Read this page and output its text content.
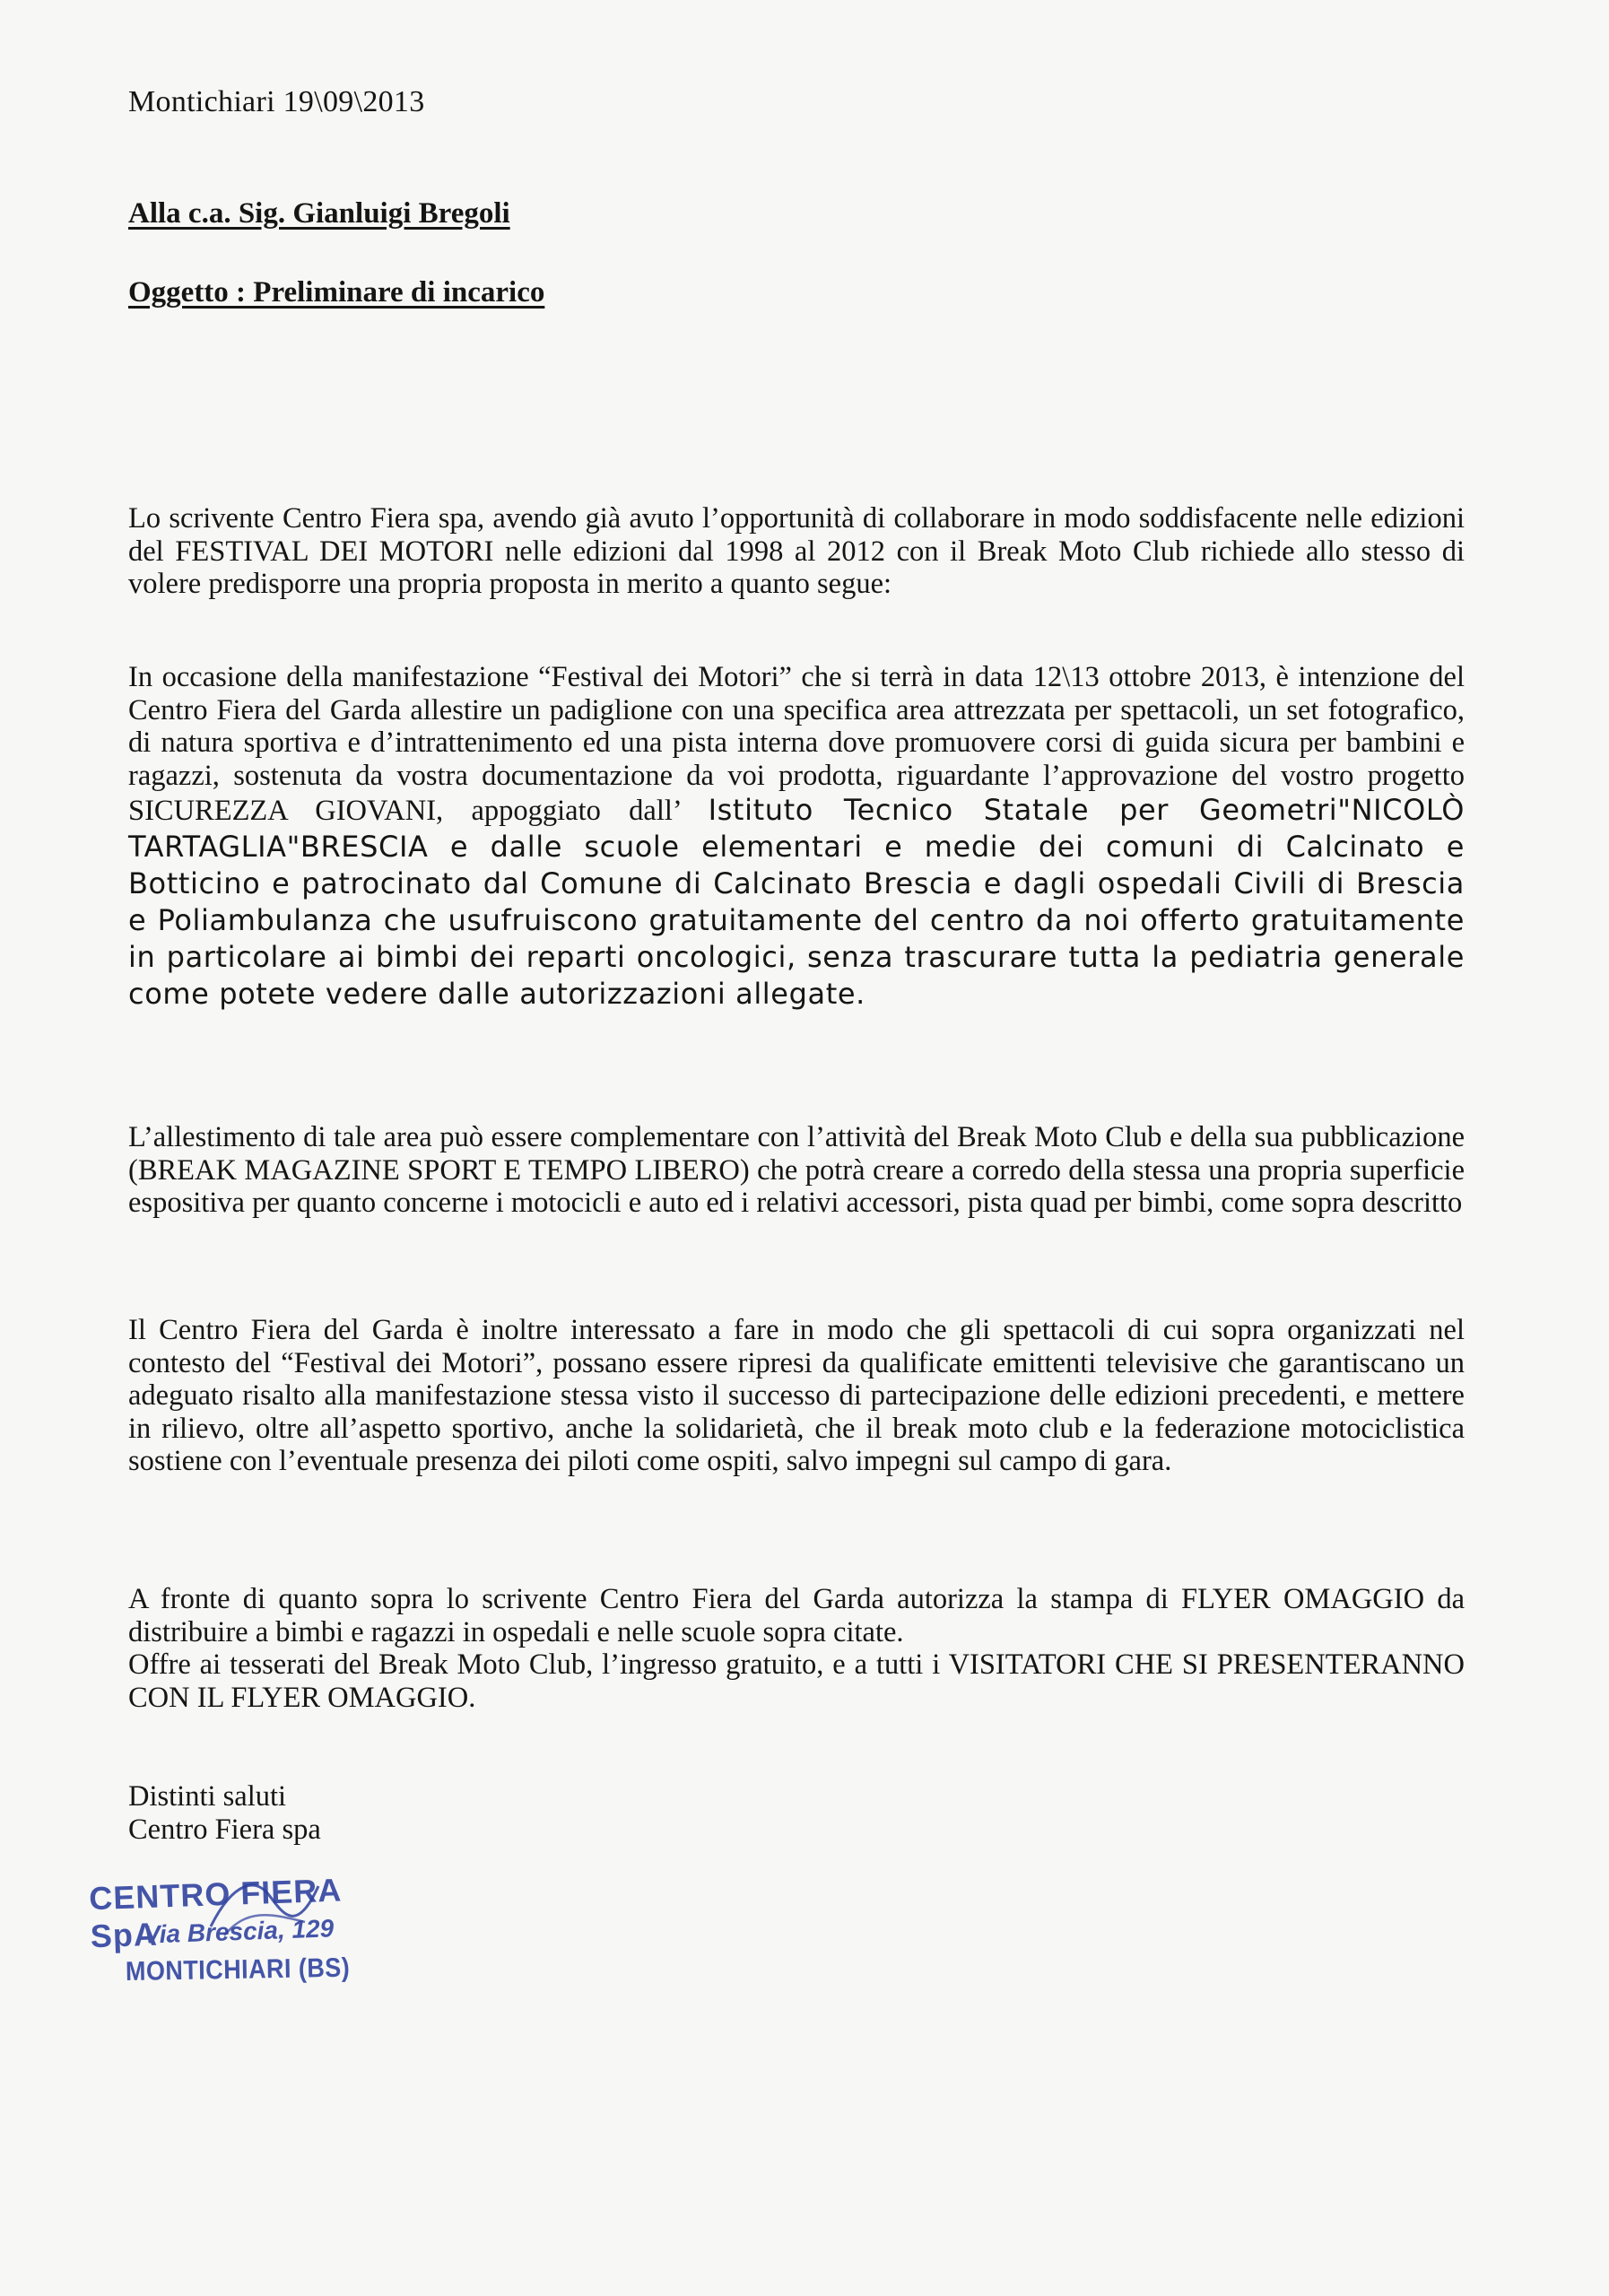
Montichiari 19\09\2013
Alla c.a. Sig. Gianluigi Bregoli
Oggetto : Preliminare di incarico
Lo scrivente Centro Fiera spa, avendo già avuto l’opportunità di collaborare in modo soddisfacente nelle edizioni del FESTIVAL DEI MOTORI nelle edizioni dal 1998 al 2012 con il Break Moto Club richiede allo stesso di volere predisporre una propria proposta in merito a quanto segue:
In occasione della manifestazione “Festival dei Motori” che si terrà in data 12\13 ottobre 2013, è intenzione del Centro Fiera del Garda allestire un padiglione con una specifica area attrezzata per spettacoli, un set fotografico, di natura sportiva e d’intrattenimento ed una pista interna dove promuovere corsi di guida sicura per bambini e ragazzi, sostenuta da vostra documentazione da voi prodotta, riguardante l’approvazione del vostro progetto SICUREZZA GIOVANI, appoggiato dall’ Istituto Tecnico Statale per Geometri"NICOLÒ TARTAGLIA"BRESCIA e dalle scuole elementari e medie dei comuni di Calcinato e Botticino e patrocinato dal Comune di Calcinato Brescia e dagli ospedali Civili di Brescia e Poliambulanza che usufruiscono gratuitamente del centro da noi offerto gratuitamente in particolare ai bimbi dei reparti oncologici, senza trascurare tutta la pediatria generale come potete vedere dalle autorizzazioni allegate.
L’allestimento di tale area può essere complementare con l’attività del Break Moto Club e della sua pubblicazione (BREAK MAGAZINE SPORT E TEMPO LIBERO) che potrà creare a corredo della stessa una propria superficie espositiva per quanto concerne i motocicli e auto ed i relativi accessori, pista quad per bimbi, come sopra descritto
Il Centro Fiera del Garda è inoltre interessato a fare in modo che gli spettacoli di cui sopra organizzati nel contesto del “Festival dei Motori”, possano essere ripresi da qualificate emittenti televisive che garantiscano un adeguato risalto alla manifestazione stessa visto il successo di partecipazione delle edizioni precedenti, e mettere in rilievo, oltre all’aspetto sportivo, anche la solidarietà, che il break moto club e la federazione motociclistica sostiene con l’eventuale presenza dei piloti come ospiti, salvo impegni sul campo di gara.
A fronte di quanto sopra lo scrivente Centro Fiera del Garda autorizza la stampa di FLYER OMAGGIO da distribuire a bimbi e ragazzi in ospedali e nelle scuole sopra citate.
Offre ai tesserati del Break Moto Club, l’ingresso gratuito, e a tutti i VISITATORI CHE SI PRESENTERANNO CON IL FLYER OMAGGIO.
Distinti saluti
Centro Fiera spa
CENTRO FIERA SpA
Via Brescia, 129
MONTICHIARI (BS)
